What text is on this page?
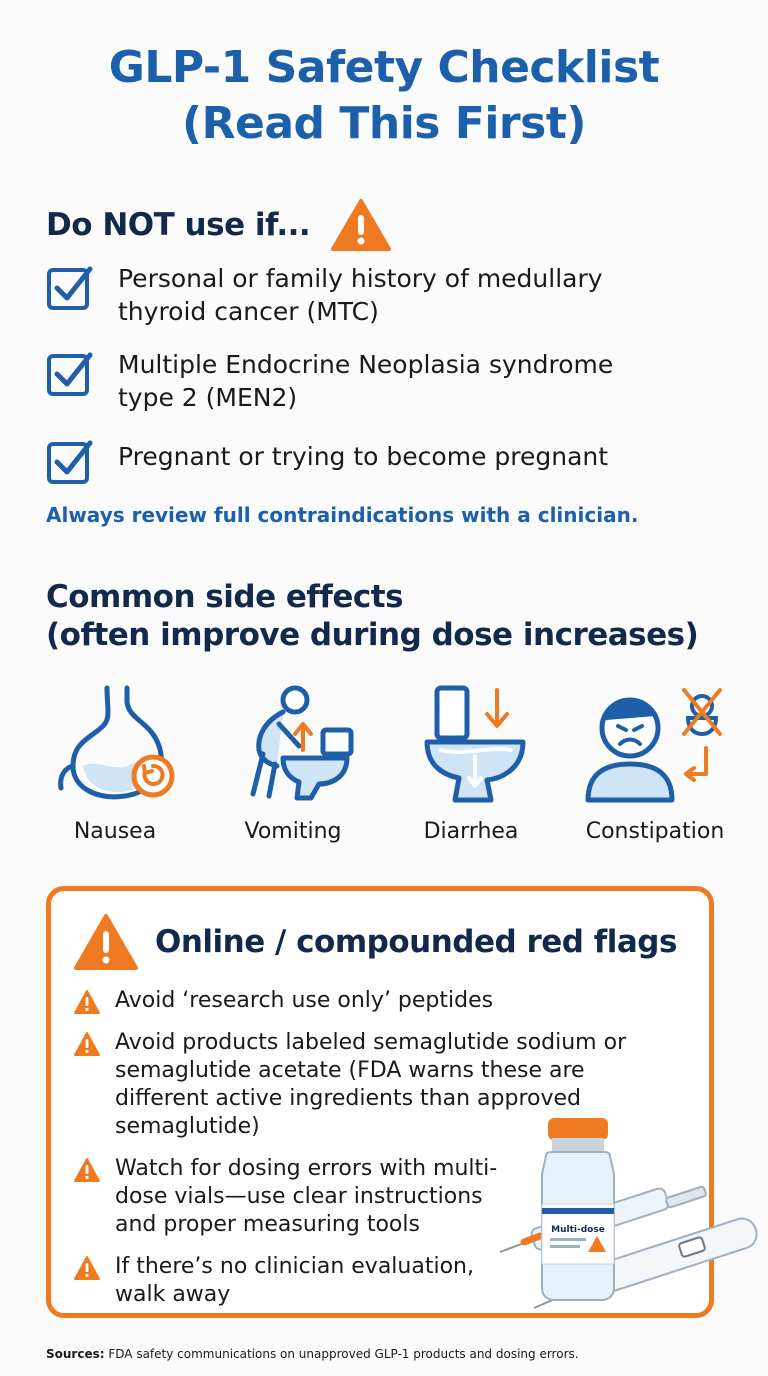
GLP-1 Safety Checklist
(Read This First)
Do NOT use if...
Personal or family history of medullary
thyroid cancer (MTC)
Multiple Endocrine Neoplasia syndrome
type 2 (MEN2)
Pregnant or trying to become pregnant
Always review full contraindications with a clinician.
Common side effects
(often improve during dose increases)
Nausea	Vomiting	Diarrhea	Constipation
Online / compounded red flags
Avoid ‘research use only’ peptides
Avoid products labeled semaglutide sodium or
semaglutide acetate (FDA warns these are
different active ingredients than approved
semaglutide)
Watch for dosing errors with multi-
dose vials—use clear instructions
and proper measuring tools
If there’s no clinician evaluation,
walk away
Multi-dose
Sources: FDA safety communications on unapproved GLP-1 products and dosing errors.
